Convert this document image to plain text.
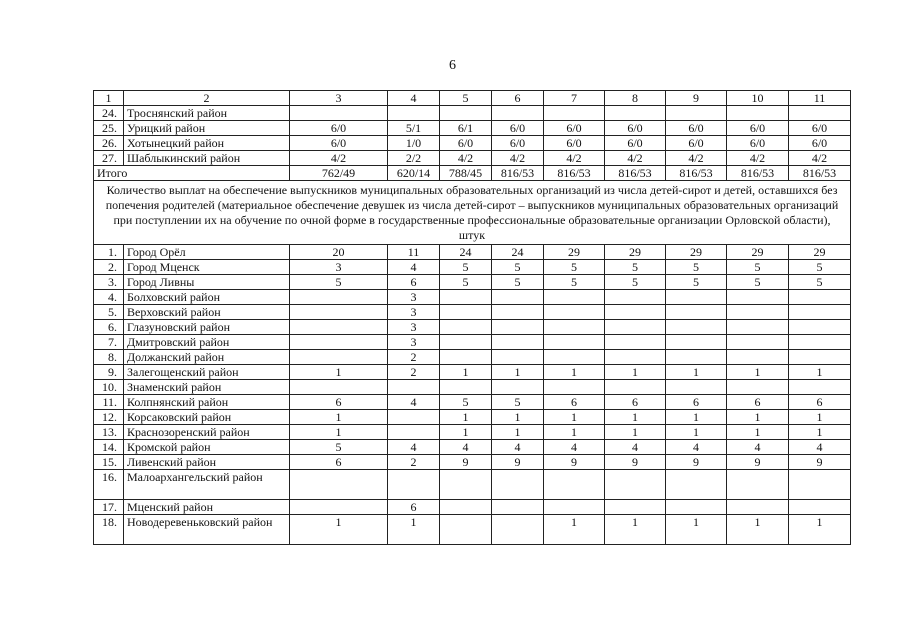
6
1	2	3	4	5	6	7	8	9	10	11
24.	Троснянский район									
25.	Урицкий район	6/0	5/1	6/1	6/0	6/0	6/0	6/0	6/0	6/0
26.	Хотынецкий район	6/0	1/0	6/0	6/0	6/0	6/0	6/0	6/0	6/0
27.	Шаблыкинский район	4/2	2/2	4/2	4/2	4/2	4/2	4/2	4/2	4/2
Итого		762/49	620/14	788/45	816/53	816/53	816/53	816/53	816/53	816/53
Количество выплат на обеспечение выпускников муниципальных образовательных организаций из числа детей-сирот и детей, оставшихся без попечения родителей (материальное обеспечение девушек из числа детей-сирот – выпускников муниципальных образовательных организаций при поступлении их на обучение по очной форме в государственные профессиональные образовательные организации Орловской области), штук										
1.	Город Орёл	20	11	24	24	29	29	29	29	29
2.	Город Мценск	3	4	5	5	5	5	5	5	5
3.	Город Ливны	5	6	5	5	5	5	5	5	5
4.	Болховский район		3							
5.	Верховский район		3							
6.	Глазуновский район		3							
7.	Дмитровский район		3							
8.	Должанский район		2							
9.	Залегощенский район	1	2	1	1	1	1	1	1	1
10.	Знаменский район									
11.	Колпнянский район	6	4	5	5	6	6	6	6	6
12.	Корсаковский район	1		1	1	1	1	1	1	1
13.	Краснозоренский район	1		1	1	1	1	1	1	1
14.	Кромской район	5	4	4	4	4	4	4	4	4
15.	Ливенский район	6	2	9	9	9	9	9	9	9
16.	Малоархангельский район									
17.	Мценский район		6							
18.	Новодеревеньковский район	1	1			1	1	1	1	1
